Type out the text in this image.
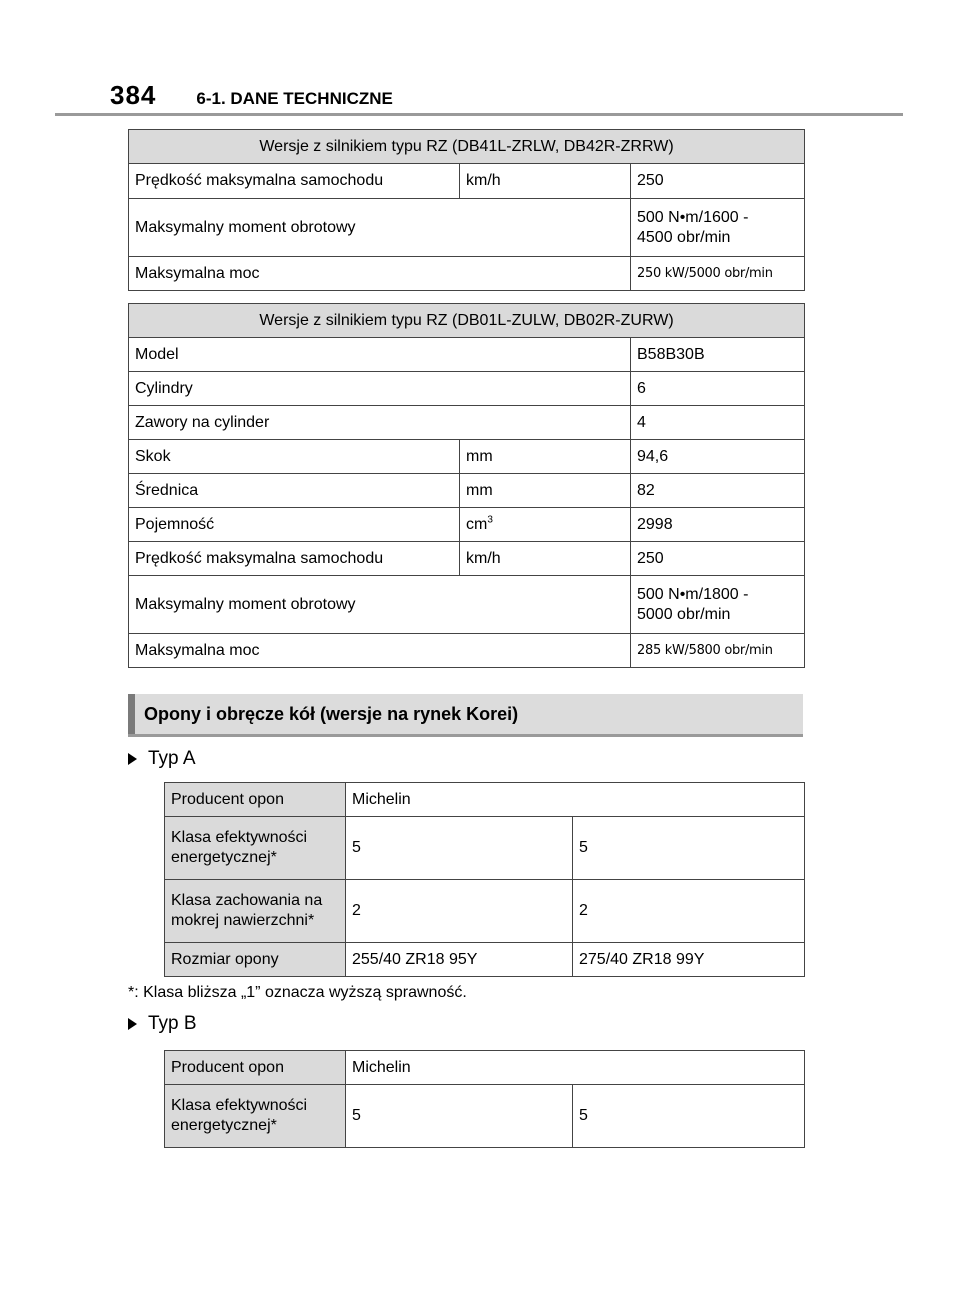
384 6-1. DANE TECHNICZNE
Wersje z silnikiem typu RZ (DB41L-ZRLW, DB42R-ZRRW)		
Prędkość maksymalna samochodu	km/h	250
Maksymalny moment obrotowy		500 N•m/1600 -
4500 obr/min

Maksymalna moc		250 kW/5000 obr/min
Wersje z silnikiem typu RZ (DB01L-ZULW, DB02R-ZURW)		
Model		B58B30B
Cylindry		6
Zawory na cylinder		4
Skok	mm	94,6
Średnica	mm	82
Pojemność	$cm^3$	2998
Prędkość maksymalna samochodu	km/h	250
Maksymalny moment obrotowy		500 N•m/1800 -
5000 obr/min

Maksymalna moc		285 kW/5800 obr/min
Opony i obręcze kół (wersje na rynek Korei)
Typ A
Producent opon	Michelin	

Klasa efektywności
energetycznej*	5	5

Klasa zachowania na
mokrej nawierzchni*	2	2
Rozmiar opony	255/40 ZR18 95Y	275/40 ZR18 99Y
*: Klasa bliższa „1” oznacza wyższą sprawność.
Typ B
Producent opon	Michelin	

Klasa efektywności
energetycznej*	5	5
